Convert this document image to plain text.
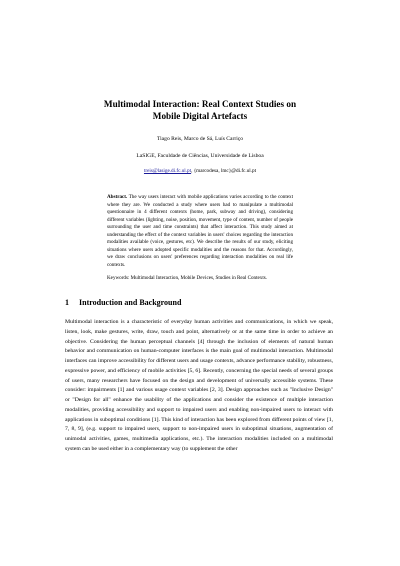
Multimodal Interaction: Real Context Studies on
Mobile Digital Artefacts
Tiago Reis, Marco de Sá, Luís Carriço
LaSIGE, Faculdade de Ciências, Universidade de Lisboa
treis@lasige.di.fc.ul.pt, {marcodesa, lmc}@di.fc.ul.pt
Abstract. The way users interact with mobile applications varies according to the context where they are. We conducted a study where users had to manipulate a multimodal questionnaire in 4 different contexts (home, park, subway and driving), considering different variables (lighting, noise, position, movement, type of content, number of people surrounding the user and time constraints) that affect interaction. This study aimed at understanding the effect of the context variables in users' choices regarding the interaction modalities available (voice, gestures, etc). We describe the results of our study, eliciting situations where users adopted specific modalities and the reasons for that. Accordingly, we draw conclusions on users' preferences regarding interaction modalities on real life contexts.
Keywords: Multimodal Interaction, Mobile Devices, Studies in Real Contexts.
1 Introduction and Background
Multimodal interaction is a characteristic of everyday human activities and communications, in which we speak, listen, look, make gestures, write, draw, touch and point, alternatively or at the same time in order to achieve an objective. Considering the human perceptual channels [4] through the inclusion of elements of natural human behavior and communication on human-computer interfaces is the main goal of multimodal interaction. Multimodal interfaces can improve accessibility for different users and usage contexts, advance performance stability, robustness, expressive power, and efficiency of mobile activities [5, 6]. Recently, concerning the special needs of several groups of users, many researchers have focused on the design and development of universally accessible systems. These consider: impairments [1] and various usage context variables [2, 3]. Design approaches such as "Inclusive Design" or "Design for all" enhance the usability of the applications and consider the existence of multiple interaction modalities, providing accessibility and support to impaired users and enabling non-impaired users to interact with applications in suboptimal conditions [1]. This kind of interaction has been explored from different points of view [1, 7, 8, 9], (e.g. support to impaired users, support to non-impaired users in suboptimal situations, augmentation of unimodal activities, games, multimedia applications, etc.). The interaction modalities included on a multimodal system can be used either in a complementary way (to supplement the other
